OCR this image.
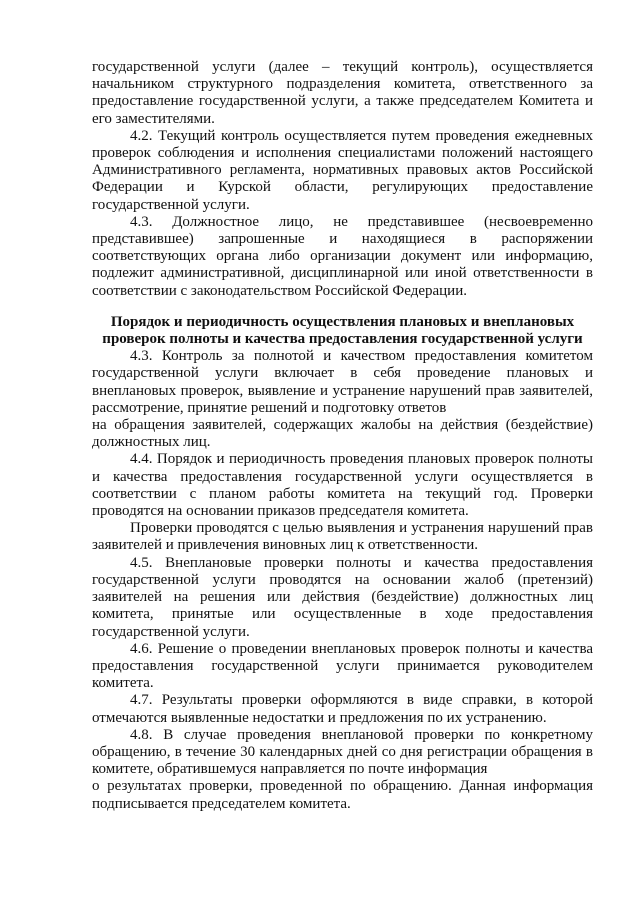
государственной услуги (далее – текущий контроль), осуществляется начальником структурного подразделения комитета, ответственного за предоставление государственной услуги, а также председателем Комитета и его заместителями.

4.2. Текущий контроль осуществляется путем проведения ежедневных проверок соблюдения и исполнения специалистами положений настоящего Административного регламента, нормативных правовых актов Российской Федерации и Курской области, регулирующих предоставление государственной услуги.

4.3. Должностное лицо, не представившее (несвоевременно представившее) запрошенные и находящиеся в распоряжении соответствующих органа либо организации документ или информацию, подлежит административной, дисциплинарной или иной ответственности в соответствии с законодательством Российской Федерации.

Порядок и периодичность осуществления плановых и внеплановых проверок полноты и качества предоставления государственной услуги

4.3. Контроль за полнотой и качеством предоставления комитетом государственной услуги включает в себя проведение плановых и внеплановых проверок, выявление и устранение нарушений прав заявителей, рассмотрение, принятие решений и подготовку ответов

на обращения заявителей, содержащих жалобы на действия (бездействие) должностных лиц.

4.4. Порядок и периодичность проведения плановых проверок полноты и качества предоставления государственной услуги осуществляется в соответствии с планом работы комитета на текущий год. Проверки проводятся на основании приказов председателя комитета.

Проверки проводятся с целью выявления и устранения нарушений прав заявителей и привлечения виновных лиц к ответственности.

4.5. Внеплановые проверки полноты и качества предоставления государственной услуги проводятся на основании жалоб (претензий) заявителей на решения или действия (бездействие) должностных лиц комитета, принятые или осуществленные в ходе предоставления государственной услуги.

4.6. Решение о проведении внеплановых проверок полноты и качества предоставления государственной услуги принимается руководителем комитета.

4.7. Результаты проверки оформляются в виде справки, в которой отмечаются выявленные недостатки и предложения по их устранению.

4.8. В случае проведения внеплановой проверки по конкретному обращению, в течение 30 календарных дней со дня регистрации обращения в комитете, обратившемуся направляется по почте информация

о результатах проверки, проведенной по обращению. Данная информация подписывается председателем комитета.
